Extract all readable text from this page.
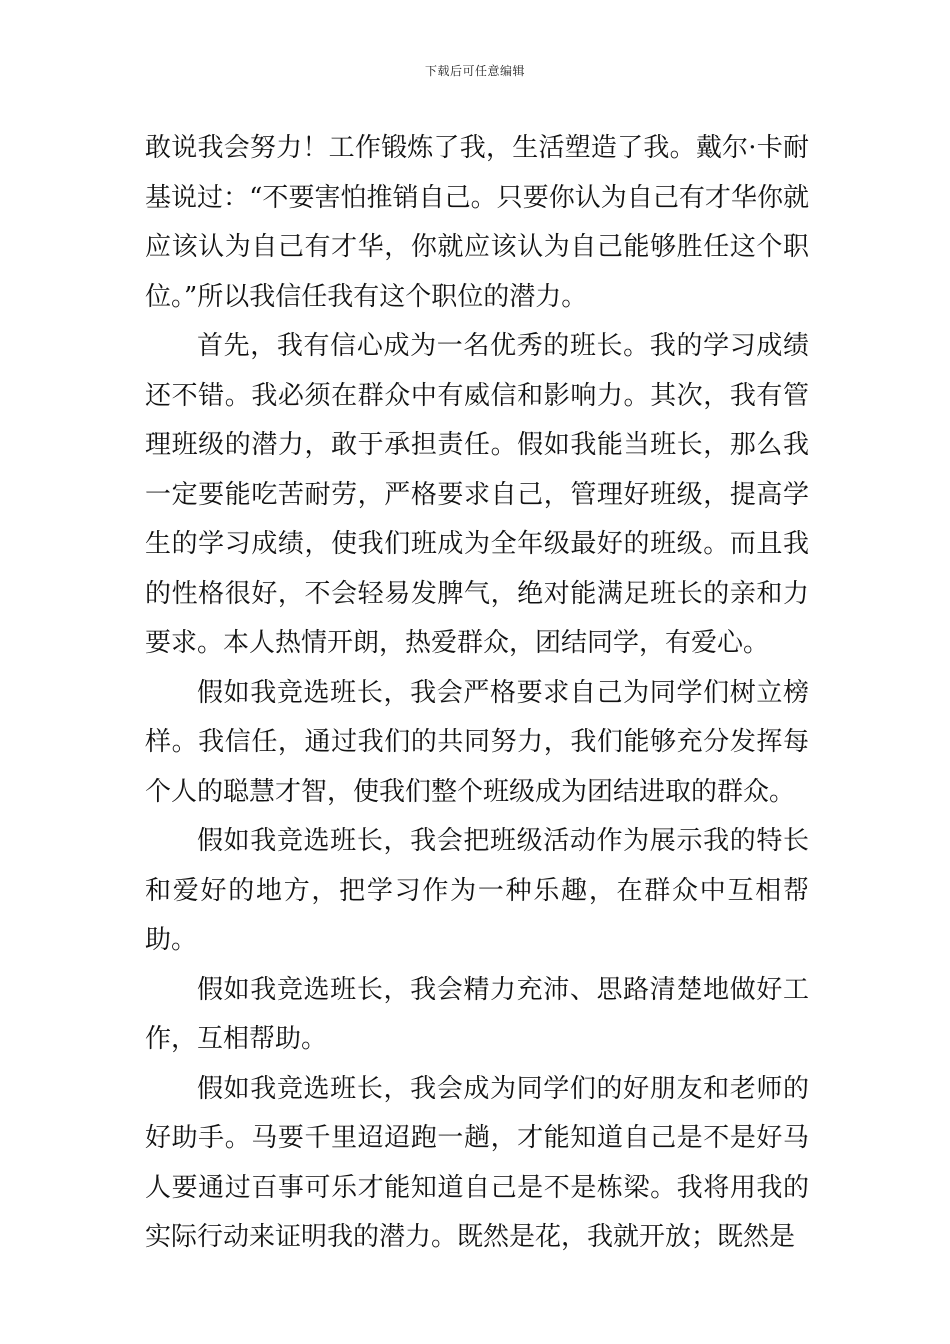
下载后可任意编辑

敢说我会努力！工作锻炼了我，生活塑造了我。戴尔·卡耐基说过：“不要害怕推销自己。只要你认为自己有才华你就应该认为自己有才华，你就应该认为自己能够胜任这个职位。”所以我信任我有这个职位的潜力。

首先，我有信心成为一名优秀的班长。我的学习成绩还不错。我必须在群众中有威信和影响力。其次，我有管理班级的潜力，敢于承担责任。假如我能当班长，那么我一定要能吃苦耐劳，严格要求自己，管理好班级，提高学生的学习成绩，使我们班成为全年级最好的班级。而且我的性格很好，不会轻易发脾气，绝对能满足班长的亲和力要求。本人热情开朗，热爱群众，团结同学，有爱心。

假如我竞选班长，我会严格要求自己为同学们树立榜样。我信任，通过我们的共同努力，我们能够充分发挥每个人的聪慧才智，使我们整个班级成为团结进取的群众。

假如我竞选班长，我会把班级活动作为展示我的特长和爱好的地方，把学习作为一种乐趣，在群众中互相帮助。

假如我竞选班长，我会精力充沛、思路清楚地做好工作，互相帮助。

假如我竞选班长，我会成为同学们的好朋友和老师的好助手。马要千里迢迢跑一趟，才能知道自己是不是好马人要通过百事可乐才能知道自己是不是栋梁。我将用我的实际行动来证明我的潜力。既然是花，我就开放；既然是
